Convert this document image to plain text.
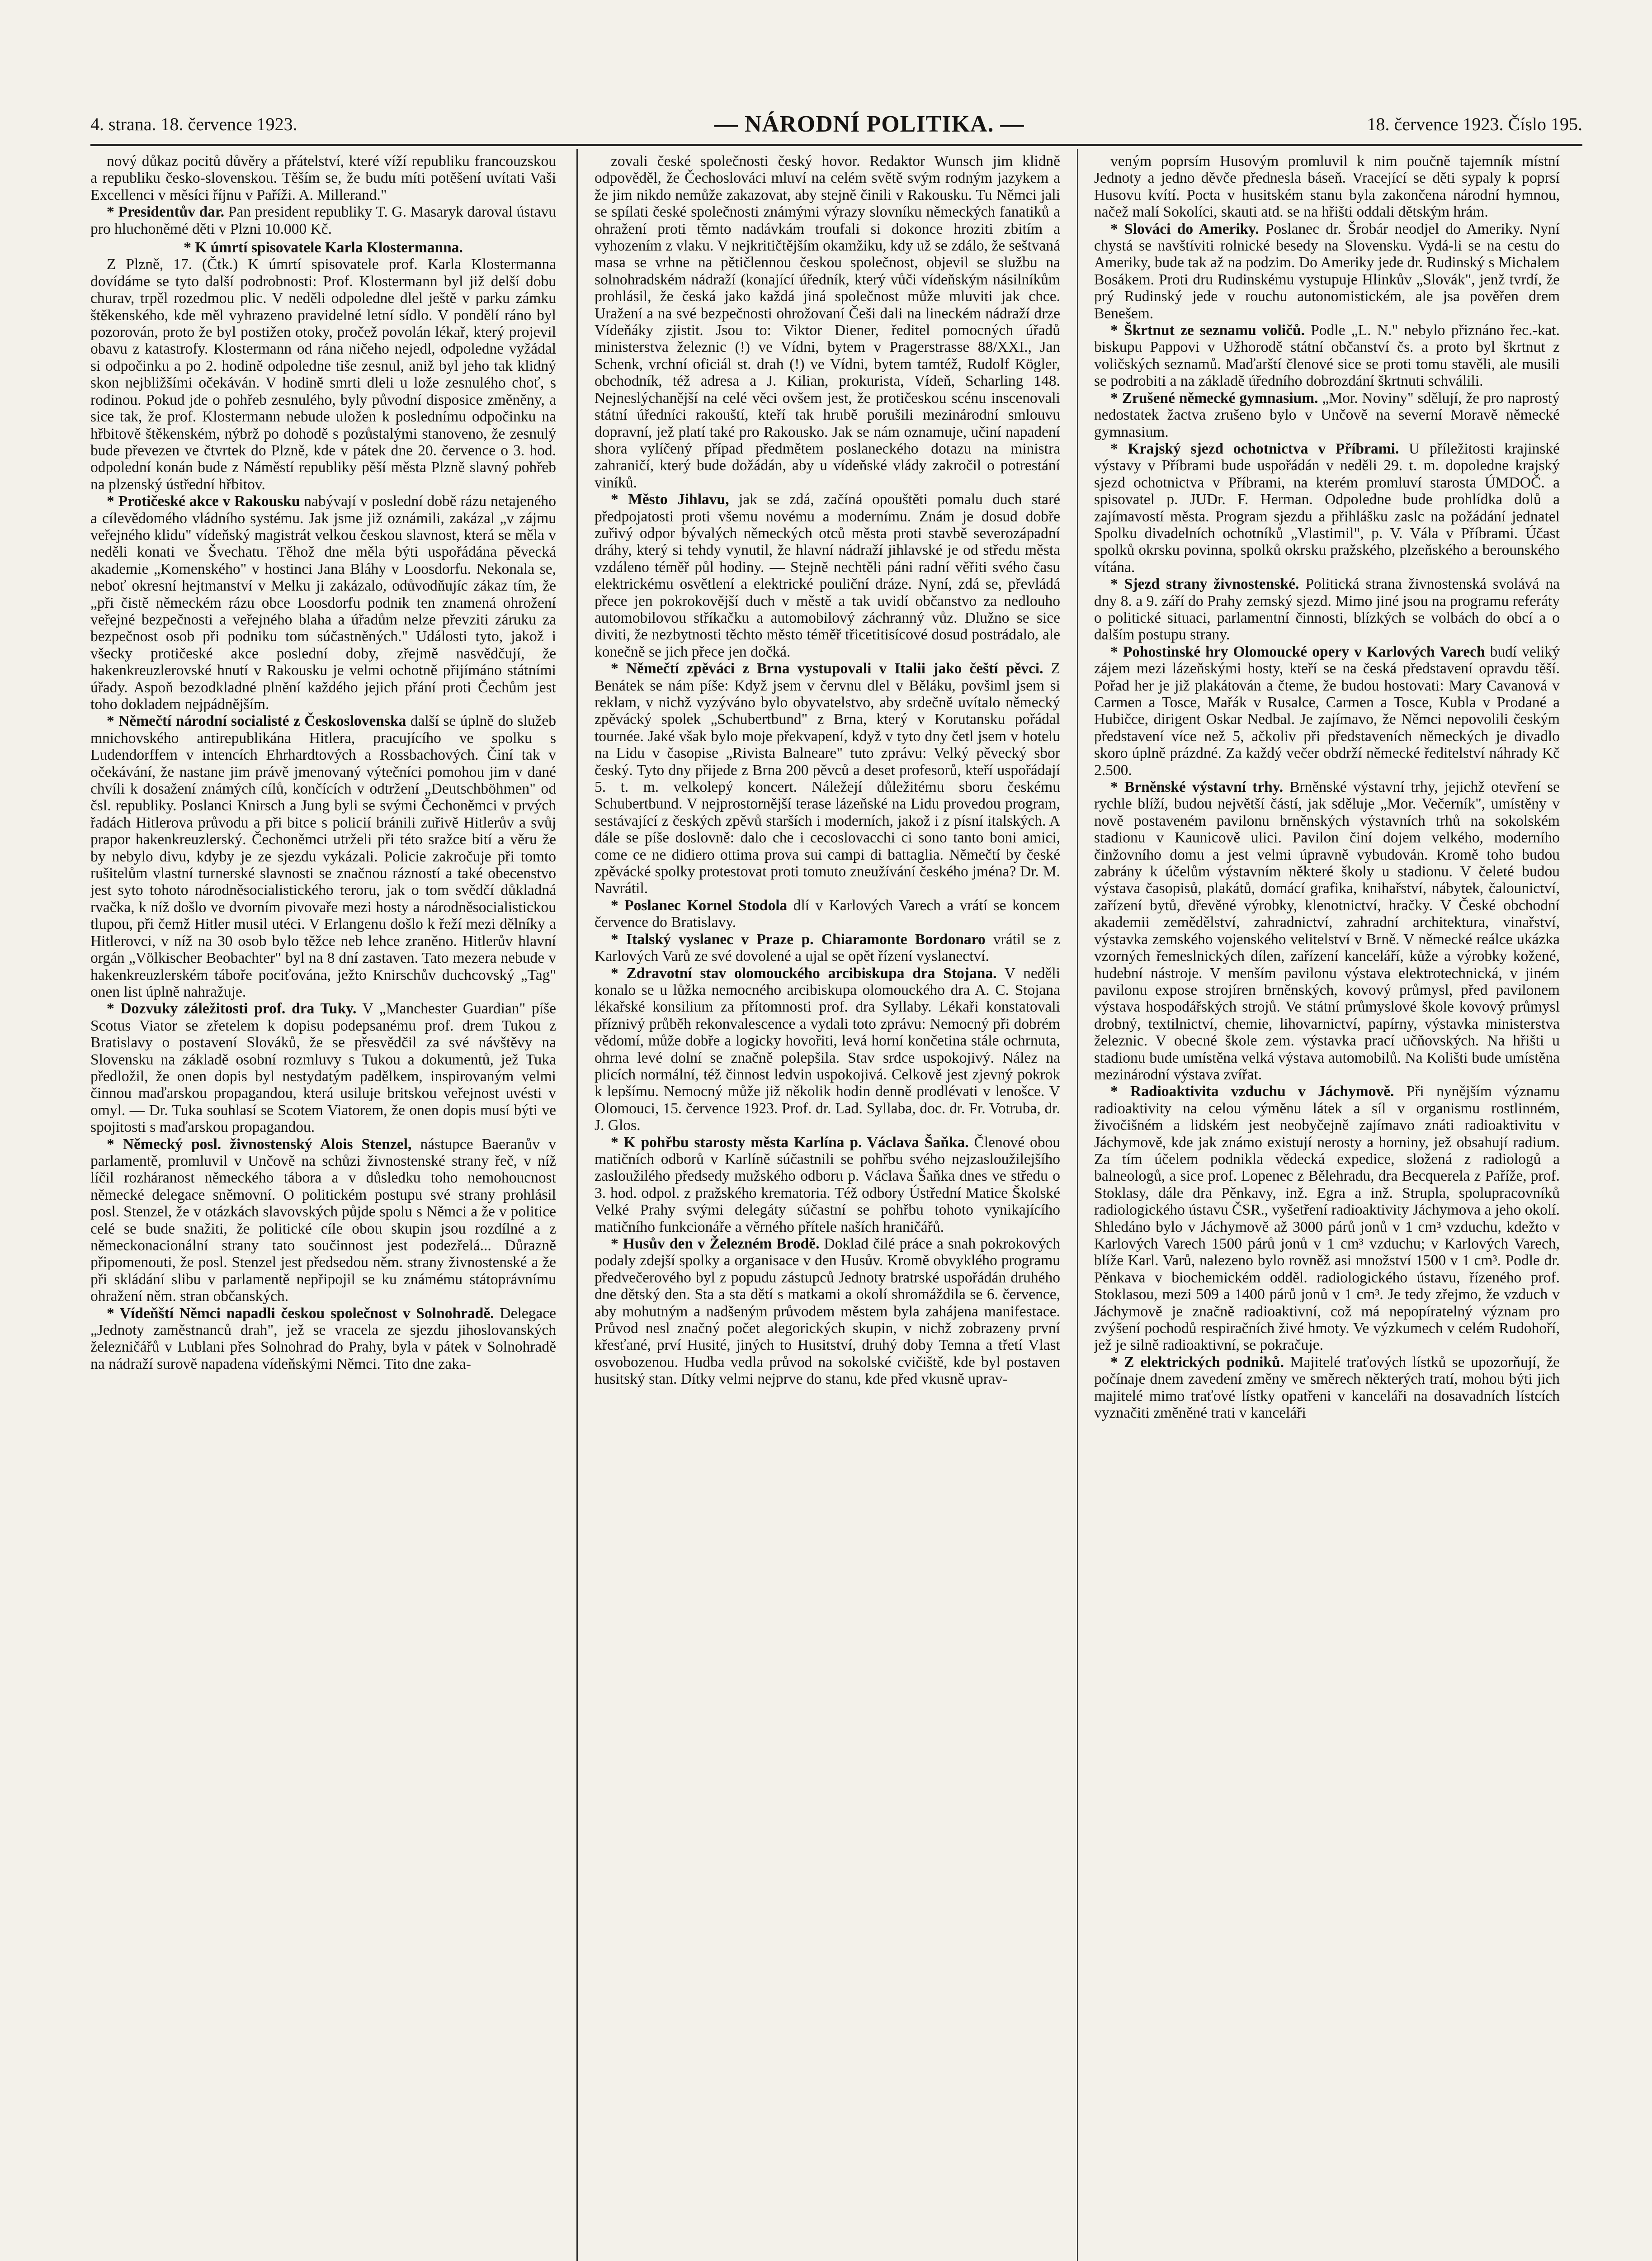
4. strana. 18. července 1923.	— NÁRODNÍ POLITIKA. —	18. července 1923. Číslo 195.

nový důkaz pocitů důvěry a přátelství, které víží republiku francouzskou a republiku česko-slovenskou. Těším se, že budu míti potěšení uvítati Vaši Excellenci v měsíci říjnu v Paříži. A. Millerand."

* Presidentův dar. Pan president republiky T. G. Masaryk daroval ústavu pro hluchoněmé děti v Plzni 10.000 Kč.

* K úmrtí spisovatele Karla Klostermanna.

Z Plzně, 17. (Čtk.) K úmrtí spisovatele prof. Karla Klostermanna dovídáme se tyto další podrobnosti: Prof. Klostermann byl již delší dobu churav, trpěl rozedmou plic. V neděli odpoledne dlel ještě v parku zámku štěkenského, kde měl vyhrazeno pravidelné letní sídlo. V pondělí ráno byl pozorován, proto že byl postižen otoky, pročež povolán lékař, který projevil obavu z katastrofy. Klostermann od rána ničeho nejedl, odpoledne vyžádal si odpočinku a po 2. hodině odpoledne tiše zesnul, aniž byl jeho tak klidný skon nejbližšími očekáván. V hodině smrti dleli u lože zesnulého choť, s rodinou. Pokud jde o pohřeb zesnulého, byly původní disposice změněny, a sice tak, že prof. Klostermann nebude uložen k poslednímu odpočinku na hřbitově štěkenském, nýbrž po dohodě s pozůstalými stanoveno, že zesnulý bude převezen ve čtvrtek do Plzně, kde v pátek dne 20. července o 3. hod. odpolední konán bude z Náměstí republiky pěší města Plzně slavný pohřeb na plzenský ústřední hřbitov.

* Protičeské akce v Rakousku nabývají v poslední době rázu netajeného a cílevědomého vládního systému. Jak jsme již oznámili, zakázal „v zájmu veřejného klidu" vídeňský magistrát velkou českou slavnost, která se měla v neděli konati ve Švechatu. Těhož dne měla býti uspořádána pěvecká akademie „Komenského" v hostinci Jana Bláhy v Loosdorfu. Nekonala se, neboť okresní hejtmanství v Melku ji zakázalo, odůvodňujíc zákaz tím, že „při čistě německém rázu obce Loosdorfu podnik ten znamená ohrožení veřejné bezpečnosti a veřejného blaha a úřadům nelze převziti záruku za bezpečnost osob při podniku tom súčastněných." Události tyto, jakož i všecky protičeské akce poslední doby, zřejmě nasvědčují, že hakenkreuzlerovské hnutí v Rakousku je velmi ochotně přijímáno státními úřady. Aspoň bezodkladné plnění každého jejich přání proti Čechům jest toho dokladem nejpádnějším.

* Němečtí národní socialisté z Československa další se úplně do služeb mnichovského antirepublikána Hitlera, pracujícího ve spolku s Ludendorffem v intencích Ehrhardtových a Rossbachových. Činí tak v očekávání, že nastane jim právě jmenovaný výtečníci pomohou jim v dané chvíli k dosažení známých cílů, končících v odtržení „Deutschböhmen" od čsl. republiky. Poslanci Knirsch a Jung byli se svými Čechoněmci v prvých řadách Hitlerova průvodu a při bitce s policií bránili zuřivě Hitlerův a svůj prapor hakenkreuzlerský. Čechoněmci utrželi při této sražce bití a věru že by nebylo divu, kdyby je ze sjezdu vykázali. Policie zakročuje při tomto rušitelům vlastní turnerské slavnosti se značnou rázností a také obecenstvo jest syto tohoto národněsocialistického teroru, jak o tom svědčí důkladná rvačka, k níž došlo ve dvorním pivovaře mezi hosty a národněsocialistickou tlupou, při čemž Hitler musil utéci. V Erlangenu došlo k řeží mezi dělníky a Hitlerovci, v níž na 30 osob bylo těžce neb lehce zraněno. Hitlerův hlavní orgán „Völkischer Beobachter" byl na 8 dní zastaven. Tato mezera nebude v hakenkreuzlerském táboře pociťována, ježto Knirschův duchcovský „Tag" onen list úplně nahražuje.

* Dozvuky záležitosti prof. dra Tuky. V „Manchester Guardian" píše Scotus Viator se zřetelem k dopisu podepsanému prof. drem Tukou z Bratislavy o postavení Slováků, že se přesvědčil za své návštěvy na Slovensku na základě osobní rozmluvy s Tukou a dokumentů, jež Tuka předložil, že onen dopis byl nestydatým padělkem, inspirovaným velmi činnou maďarskou propagandou, která usiluje britskou veřejnost uvésti v omyl. — Dr. Tuka souhlasí se Scotem Viatorem, že onen dopis musí býti ve spojitosti s maďarskou propagandou.

* Německý posl. živnostenský Alois Stenzel, nástupce Baeranův v parlamentě, promluvil v Unčově na schůzi živnostenské strany řeč, v níž líčil rozháranost německého tábora a v důsledku toho nemohoucnost německé delegace sněmovní. O politickém postupu své strany prohlásil posl. Stenzel, že v otázkách slavovských půjde spolu s Němci a že v politice celé se bude snažiti, že politické cíle obou skupin jsou rozdílné a z německonacionální strany tato součinnost jest podezřelá... Důrazně připomenouti, že posl. Stenzel jest předsedou něm. strany živnostenské a že při skládání slibu v parlamentě nepřipojil se ku známému státoprávnímu ohražení něm. stran občanských.

* Vídeňští Němci napadli českou společnost v Solnohradě. Delegace „Jednoty zaměstnanců drah", jež se vracela ze sjezdu jihoslovanských železničářů v Lublani přes Solnohrad do Prahy, byla v pátek v Solnohradě na nádraží surově napadena vídeňskými Němci. Tito dne zaka-

zovali české společnosti český hovor. Redaktor Wunsch jim klidně odpověděl, že Čechoslováci mluví na celém světě svým rodným jazykem a že jim nikdo nemůže zakazovat, aby stejně činili v Rakousku. Tu Němci jali se spílati české společnosti známými výrazy slovníku německých fanatiků a ohražení proti těmto nadávkám troufali si dokonce hroziti zbitím a vyhozením z vlaku. V nejkritičtějším okamžiku, kdy už se zdálo, že seštvaná masa se vrhne na pětičlennou českou společnost, objevil se službu na solnohradském nádraží (konající úředník, který vůči vídeňským násilníkům prohlásil, že česká jako každá jiná společnost může mluviti jak chce. Uražení a na své bezpečnosti ohrožovaní Češi dali na lineckém nádraží drze Vídeňáky zjistit. Jsou to: Viktor Diener, ředitel pomocných úřadů ministerstva železnic (!) ve Vídni, bytem v Pragerstrasse 88/XXI., Jan Schenk, vrchní oficiál st. drah (!) ve Vídni, bytem tamtéž, Rudolf Kögler, obchodník, též adresa a J. Kilian, prokurista, Vídeň, Scharling 148. Nejneslýchanější na celé věci ovšem jest, že protičeskou scénu inscenovali státní úředníci rakouští, kteří tak hrubě porušili mezinárodní smlouvu dopravní, jež platí také pro Rakousko. Jak se nám oznamuje, učiní napadení shora vylíčený případ předmětem poslaneckého dotazu na ministra zahraničí, který bude dožádán, aby u vídeňské vlády zakročil o potrestání viníků.

* Město Jihlavu, jak se zdá, začíná opouštěti pomalu duch staré předpojatosti proti všemu novému a modernímu. Znám je dosud dobře zuřivý odpor bývalých německých otců města proti stavbě severozápadní dráhy, který si tehdy vynutil, že hlavní nádraží jihlavské je od středu města vzdáleno téměř půl hodiny. — Stejně nechtěli páni radní věřiti svého času elektrickému osvětlení a elektrické pouliční dráze. Nyní, zdá se, převládá přece jen pokrokovější duch v městě a tak uvidí občanstvo za nedlouho automobilovou stříkačku a automobilový záchranný vůz. Dlužno se sice diviti, že nezbytnosti těchto město téměř třicetitisícové dosud postrádalo, ale konečně se jich přece jen dočká.

* Němečtí zpěváci z Brna vystupovali v Italii jako čeští pěvci. Z Benátek se nám píše: Když jsem v červnu dlel v Běláku, povšiml jsem si reklam, v nichž vyzýváno bylo obyvatelstvo, aby srdečně uvítalo německý zpěvácký spolek „Schubertbund" z Brna, který v Korutansku pořádal tournée. Jaké však bylo moje překvapení, když v tyto dny četl jsem v hotelu na Lidu v časopise „Rivista Balneare" tuto zprávu: Velký pěvecký sbor český. Tyto dny přijede z Brna 200 pěvců a deset profesorů, kteří uspořádají 5. t. m. velkolepý koncert. Náležejí důležitému sboru českému Schubertbund. V nejprostornější terase lázeňské na Lidu provedou program, sestávající z českých zpěvů starších i moderních, jakož i z písní italských. A dále se píše doslovně: dalo che i cecoslovacchi ci sono tanto boni amici, come ce ne didiero ottima prova sui campi di battaglia. Němečtí by české zpěvácké spolky protestovat proti tomuto zneužívání českého jména? Dr. M. Navrátil.

* Poslanec Kornel Stodola dlí v Karlových Varech a vrátí se koncem července do Bratislavy.

* Italský vyslanec v Praze p. Chiaramonte Bordonaro vrátil se z Karlových Varů ze své dovolené a ujal se opět řízení vyslanectví.

* Zdravotní stav olomouckého arcibiskupa dra Stojana. V neděli konalo se u lůžka nemocného arcibiskupa olomouckého dra A. C. Stojana lékařské konsilium za přítomnosti prof. dra Syllaby. Lékaři konstatovali příznivý průběh rekonvalescence a vydali toto zprávu: Nemocný při dobrém vědomí, může dobře a logicky hovořiti, levá horní končetina stále ochrnuta, ohrna levé dolní se značně polepšila. Stav srdce uspokojivý. Nález na plicích normální, též činnost ledvin uspokojivá. Celkově jest zjevný pokrok k lepšímu. Nemocný může již několik hodin denně prodlévati v lenošce. V Olomouci, 15. července 1923. Prof. dr. Lad. Syllaba, doc. dr. Fr. Votruba, dr. J. Glos.

* K pohřbu starosty města Karlína p. Václava Šaňka. Členové obou matičních odborů v Karlíně súčastnili se pohřbu svého nejzasloužilejšího zasloužilého předsedy mužského odboru p. Václava Šaňka dnes ve středu o 3. hod. odpol. z pražského krematoria. Též odbory Ústřední Matice Školské Velké Prahy svými delegáty súčastní se pohřbu tohoto vynikajícího matičního funkcionáře a věrného přítele naších hraničářů.

* Husův den v Železném Brodě. Doklad čilé práce a snah pokrokových podaly zdejší spolky a organisace v den Husův. Kromě obvyklého programu předvečerového byl z popudu zástupců Jednoty bratrské uspořádán druhého dne dětský den. Sta a sta dětí s matkami a okolí shromáždila se 6. července, aby mohutným a nadšeným průvodem městem byla zahájena manifestace. Průvod nesl značný počet alegorických skupin, v nichž zobrazeny první křesťané, prví Husité, jiných to Husitství, druhý doby Temna a třetí Vlast osvobozenou. Hudba vedla průvod na sokolské cvičiště, kde byl postaven husitský stan. Dítky velmi nejprve do stanu, kde před vkusně uprav-

veným poprsím Husovým promluvil k nim poučně tajemník místní Jednoty a jedno děvče přednesla báseň. Vracející se děti sypaly k poprsí Husovu kvítí. Pocta v husitském stanu byla zakončena národní hymnou, načež malí Sokolíci, skauti atd. se na hřišti oddali dětským hrám.

* Slováci do Ameriky. Poslanec dr. Šrobár neodjel do Ameriky. Nyní chystá se navštíviti rolnické besedy na Slovensku. Vydá-li se na cestu do Ameriky, bude tak až na podzim. Do Ameriky jede dr. Rudinský s Michalem Bosákem. Proti dru Rudinskému vystupuje Hlinkův „Slovák", jenž tvrdí, že prý Rudinský jede v rouchu autonomistickém, ale jsa pověřen drem Benešem.

* Škrtnut ze seznamu voličů. Podle „L. N." nebylo přiznáno řec.-kat. biskupu Pappovi v Užhorodě státní občanství čs. a proto byl škrtnut z voličských seznamů. Maďarští členové sice se proti tomu stavěli, ale musili se podrobiti a na základě úředního dobrozdání škrtnuti schválili.

* Zrušené německé gymnasium. „Mor. Noviny" sdělují, že pro naprostý nedostatek žactva zrušeno bylo v Unčově na severní Moravě německé gymnasium.

* Krajský sjezd ochotnictva v Příbrami. U příležitosti krajinské výstavy v Příbrami bude uspořádán v neděli 29. t. m. dopoledne krajský sjezd ochotnictva v Příbrami, na kterém promluví starosta ÚMDOČ. a spisovatel p. JUDr. F. Herman. Odpoledne bude prohlídka dolů a zajímavostí města. Program sjezdu a přihlášku zaslc na požádání jednatel Spolku divadelních ochotníků „Vlastimil", p. V. Vála v Příbrami. Účast spolků okrsku povinna, spolků okrsku pražského, plzeňského a berounského vítána.

* Sjezd strany živnostenské. Politická strana živnostenská svolává na dny 8. a 9. září do Prahy zemský sjezd. Mimo jiné jsou na programu referáty o politické situaci, parlamentní činnosti, blízkých se volbách do obcí a o dalším postupu strany.

* Pohostinské hry Olomoucké opery v Karlových Varech budí veliký zájem mezi lázeňskými hosty, kteří se na česká představení opravdu těší. Pořad her je již plakátován a čteme, že budou hostovati: Mary Cavanová v Carmen a Tosce, Mařák v Rusalce, Carmen a Tosce, Kubla v Prodané a Hubičce, dirigent Oskar Nedbal. Je zajímavo, že Němci nepovolili českým představení více než 5, ačkoliv při představeních německých je divadlo skoro úplně prázdné. Za každý večer obdrží německé ředitelství náhrady Kč 2.500.

* Brněnské výstavní trhy. Brněnské výstavní trhy, jejichž otevření se rychle blíží, budou největší částí, jak sděluje „Mor. Večerník", umístěny v nově postaveném pavilonu brněnských výstavních trhů na sokolském stadionu v Kaunicově ulici. Pavilon činí dojem velkého, moderního činžovního domu a jest velmi úpravně vybudován. Kromě toho budou zabrány k účelům výstavním některé školy u stadionu. V čeleté budou výstava časopisů, plakátů, domácí grafika, knihařství, nábytek, čalounictví, zařízení bytů, dřevěné výrobky, klenotnictví, hračky. V České obchodní akademii zemědělství, zahradnictví, zahradní architektura, vinařství, výstavka zemského vojenského velitelství v Brně. V německé reálce ukázka vzorných řemeslnických dílen, zařízení kanceláří, kůže a výrobky kožené, hudební nástroje. V menším pavilonu výstava elektrotechnická, v jiném pavilonu expose strojíren brněnských, kovový průmysl, před pavilonem výstava hospodářských strojů. Ve státní průmyslové škole kovový průmysl drobný, textilnictví, chemie, lihovarnictví, papírny, výstavka ministerstva železnic. V obecné škole zem. výstavka prací učňovských. Na hřišti u stadionu bude umístěna velká výstava automobilů. Na Kolišti bude umístěna mezinárodní výstava zvířat.

* Radioaktivita vzduchu v Jáchymově. Při nynějším významu radioaktivity na celou výměnu látek a síl v organismu rostlinném, živočišném a lidském jest neobyčejně zajímavo znáti radioaktivitu v Jáchymově, kde jak známo existují nerosty a horniny, jež obsahují radium. Za tím účelem podnikla vědecká expedice, složená z radiologů a balneologů, a sice prof. Lopenec z Bělehradu, dra Becquerela z Paříže, prof. Stoklasy, dále dra Pěnkavy, inž. Egra a inž. Strupla, spolupracovníků radiologického ústavu ČSR., vyšetření radioaktivity Jáchymova a jeho okolí. Shledáno bylo v Jáchymově až 3000 párů jonů v 1 cm³ vzduchu, kdežto v Karlových Varech 1500 párů jonů v 1 cm³ vzduchu; v Karlových Varech, blíže Karl. Varů, nalezeno bylo rovněž asi množství 1500 v 1 cm³. Podle dr. Pěnkava v biochemickém odděl. radiologického ústavu, řízeného prof. Stoklasou, mezi 509 a 1400 párů jonů v 1 cm³. Je tedy zřejmo, že vzduch v Jáchymově je značně radioaktivní, což má nepopíratelný význam pro zvýšení pochodů respiračních živé hmoty. Ve výzkumech v celém Rudohoří, jež je silně radioaktivní, se pokračuje.

* Z elektrických podniků. Majitelé traťových lístků se upozorňují, že počínaje dnem zavedení změny ve směrech některých tratí, mohou býti jich majitelé mimo traťové lístky opatřeni v kanceláři na dosavadních lístcích vyznačiti změněné trati v kanceláři
